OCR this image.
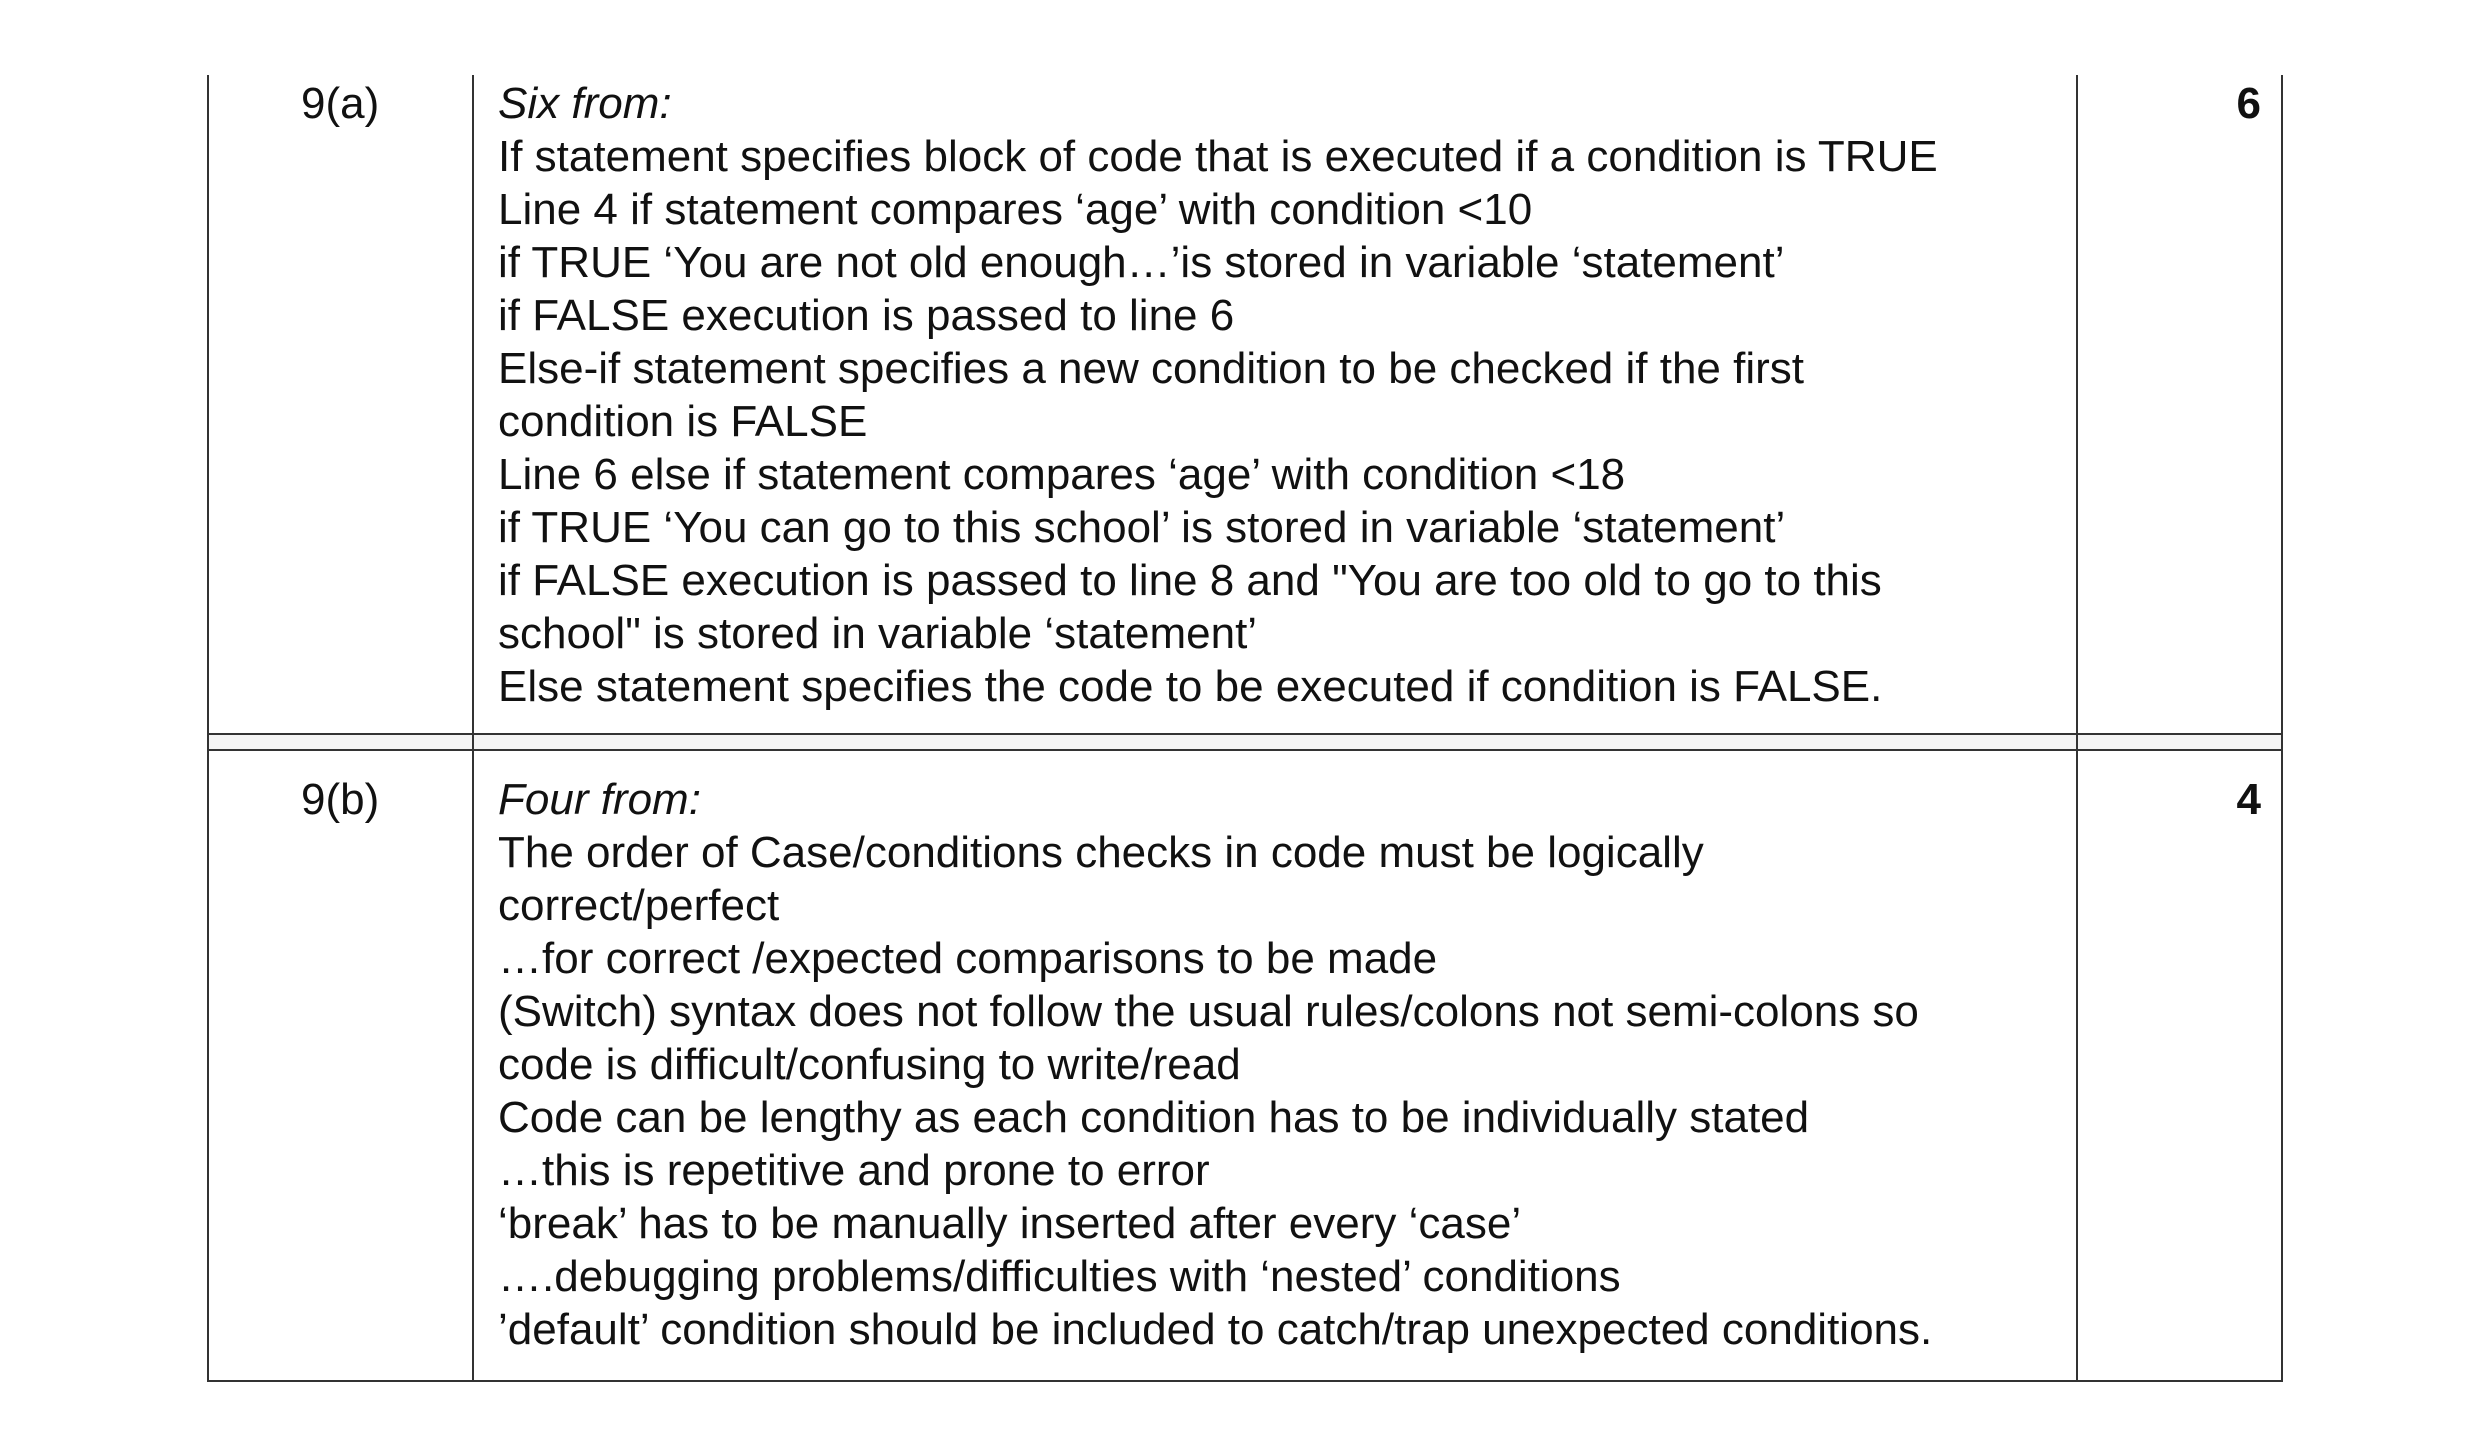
9(a)	Six from:
If statement specifies block of code that is executed if a condition is TRUE
Line 4 if statement compares ‘age’ with condition <10
if TRUE ‘You are not old enough…’is stored in variable ‘statement’
if FALSE execution is passed to line 6
Else-if statement specifies a new condition to be checked if the first
condition is FALSE
Line 6 else if statement compares ‘age’ with condition <18
if TRUE ‘You can go to this school’ is stored in variable ‘statement’
if FALSE execution is passed to line 8 and "You are too old to go to this
school" is stored in variable ‘statement’
Else statement specifies the code to be executed if condition is FALSE.
6
9(b)	Four from:
The order of Case/conditions checks in code must be logically
correct/perfect
…for correct /expected comparisons to be made
(Switch) syntax does not follow the usual rules/colons not semi-colons so
code is difficult/confusing to write/read
Code can be lengthy as each condition has to be individually stated
…this is repetitive and prone to error
‘break’ has to be manually inserted after every ‘case’
….debugging problems/difficulties with ‘nested’ conditions
’default’ condition should be included to catch/trap unexpected conditions.
4
